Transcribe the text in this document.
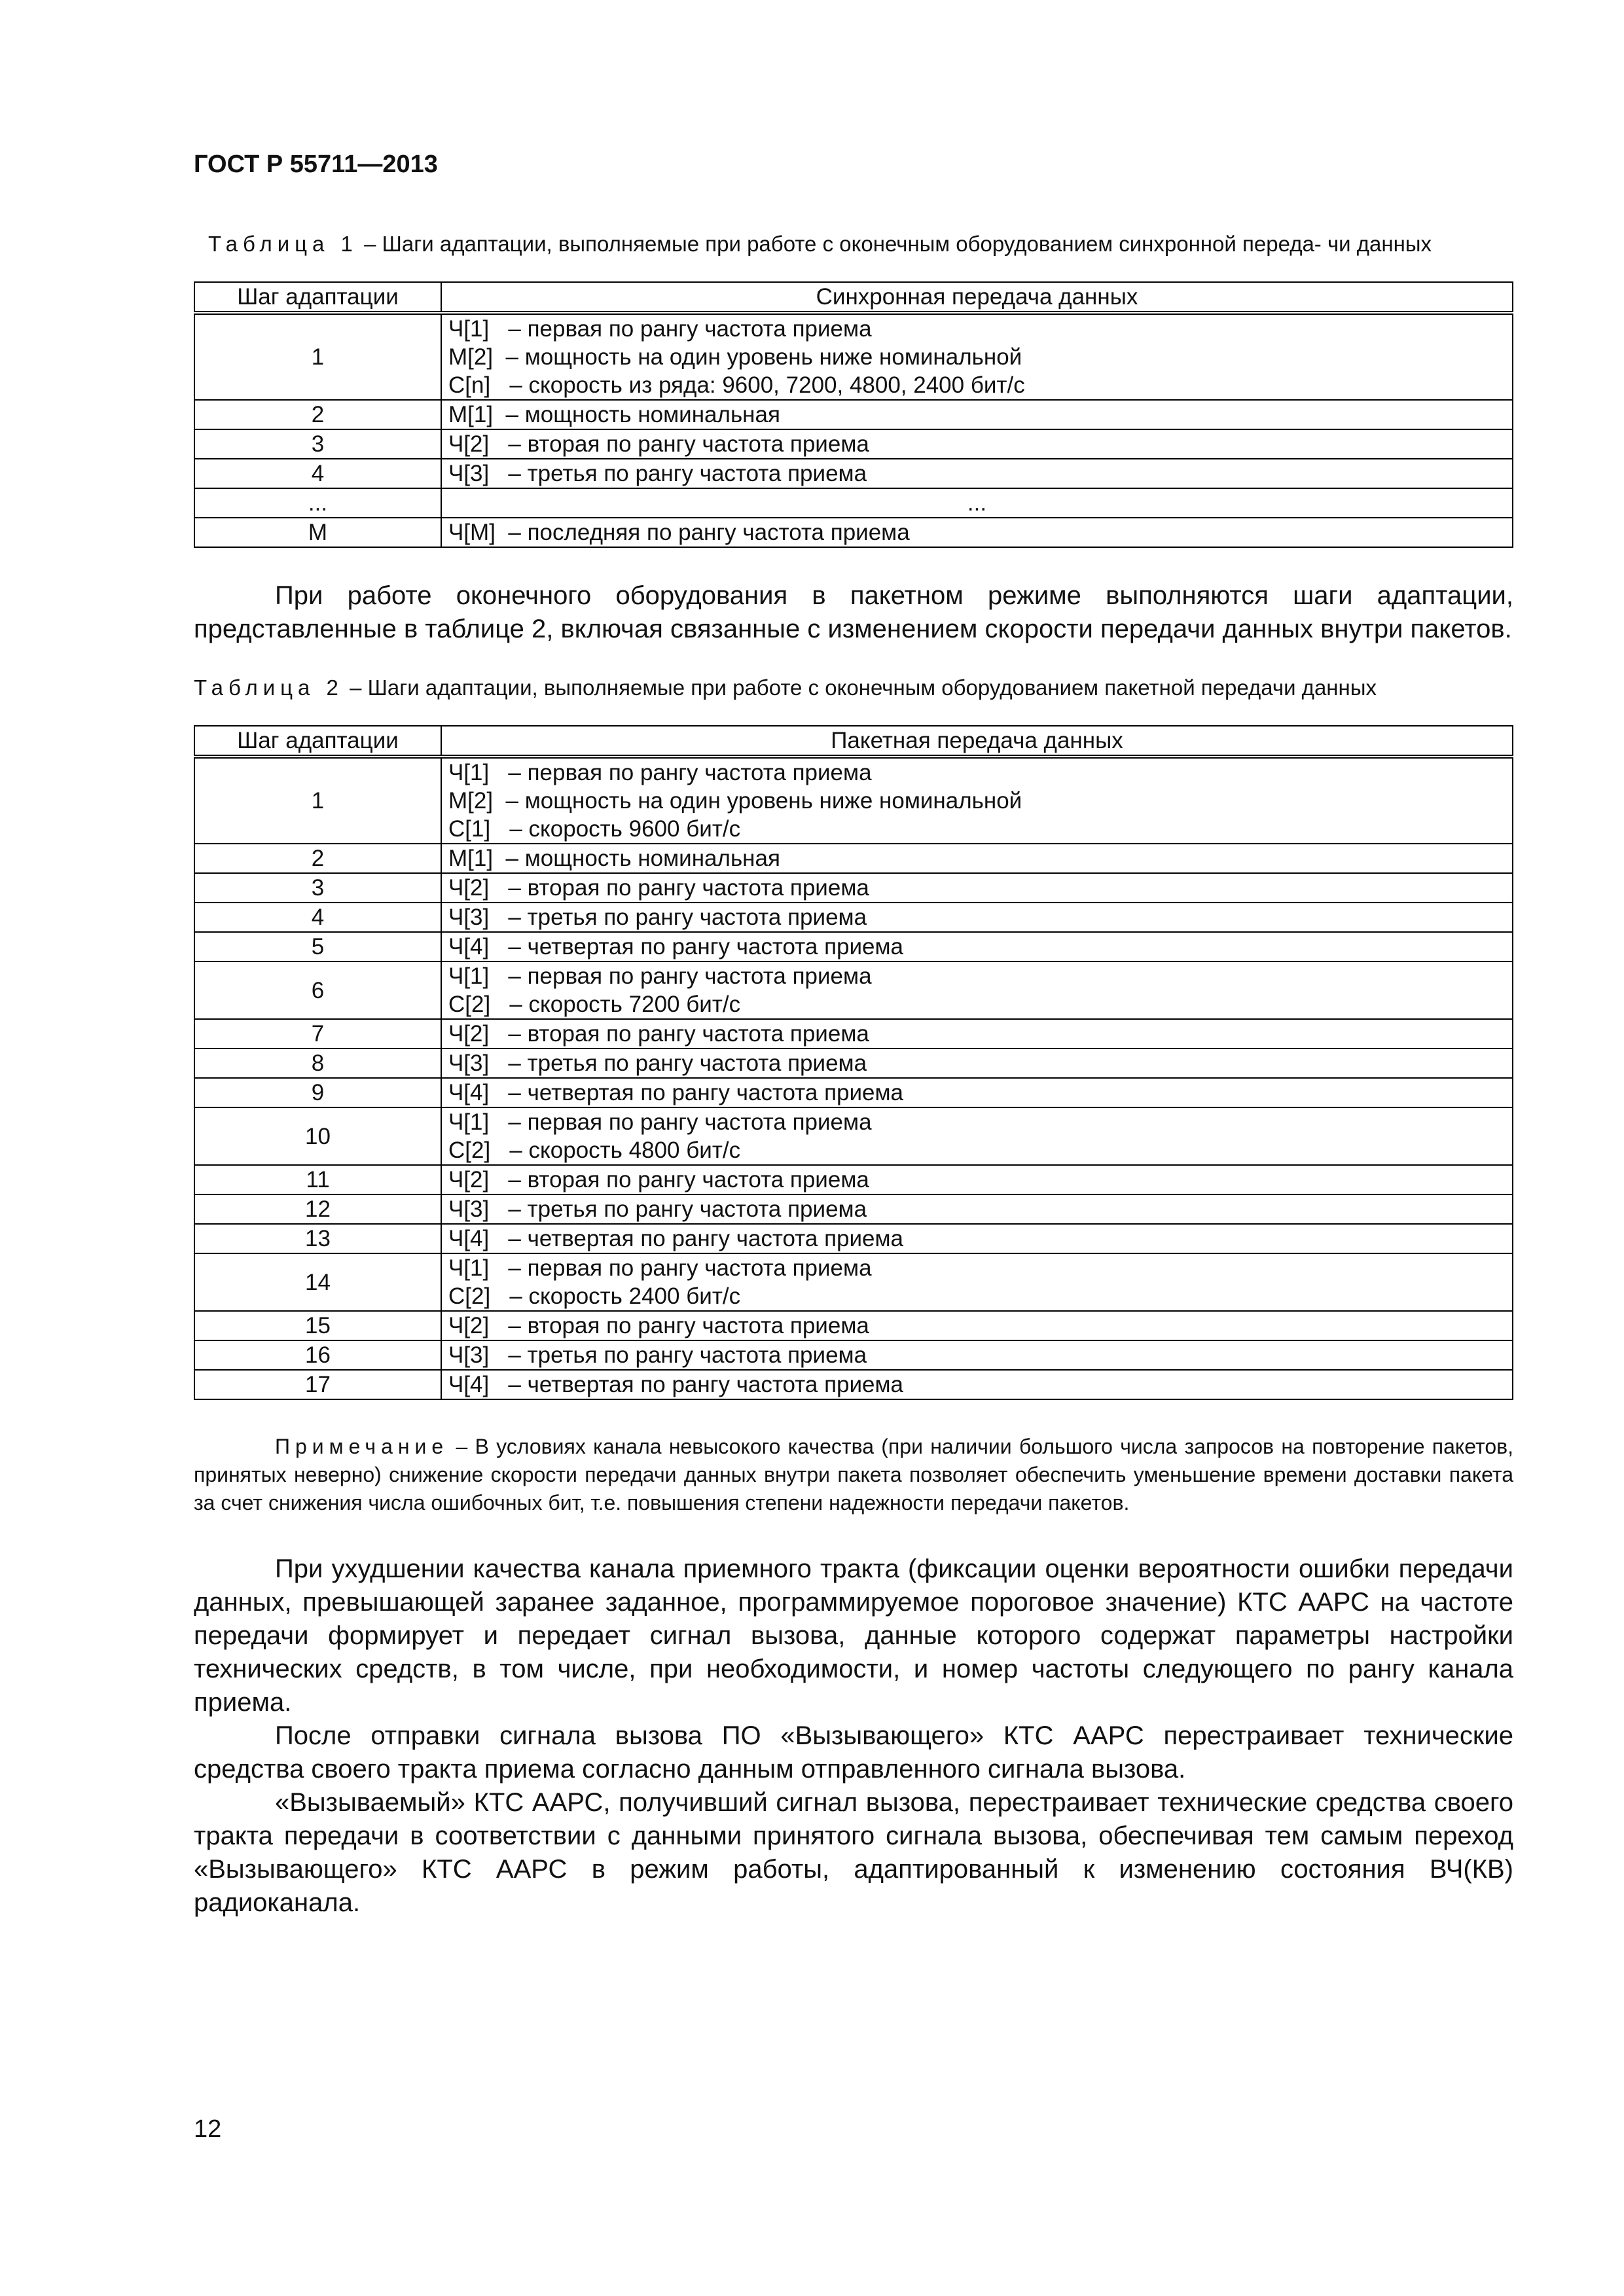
ГОСТ Р 55711—2013
Таблица 1 – Шаги адаптации, выполняемые при работе с оконечным оборудованием синхронной переда- чи данных
Шаг адаптации	Синхронная передача данных
1	Ч[1]   – первая по рангу частота приема
М[2]  – мощность на один уровень ниже номинальной
С[n]   – скорость из ряда: 9600, 7200, 4800, 2400 бит/с

2	М[1]  – мощность номинальная

3	Ч[2]   – вторая по рангу частота приема

4	Ч[3]   – третья по рангу частота приема

...	...

М	Ч[М]  – последняя по рангу частота приема

При работе оконечного оборудования в пакетном режиме выполняются шаги адаптации, представленные в таблице 2, включая связанные с изменением скорости передачи данных внутри пакетов.

Таблица 2 – Шаги адаптации, выполняемые при работе с оконечным оборудованием пакетной передачи данных
Шаг адаптации	Пакетная передача данных
1	Ч[1]   – первая по рангу частота приема
М[2]  – мощность на один уровень ниже номинальной
С[1]   – скорость 9600 бит/с

2	М[1]  – мощность номинальная

3	Ч[2]   – вторая по рангу частота приема

4	Ч[3]   – третья по рангу частота приема

5	Ч[4]   – четвертая по рангу частота приема

6	Ч[1]   – первая по рангу частота приема
С[2]   – скорость 7200 бит/с

7	Ч[2]   – вторая по рангу частота приема

8	Ч[3]   – третья по рангу частота приема

9	Ч[4]   – четвертая по рангу частота приема

10	Ч[1]   – первая по рангу частота приема
С[2]   – скорость 4800 бит/с

11	Ч[2]   – вторая по рангу частота приема

12	Ч[3]   – третья по рангу частота приема

13	Ч[4]   – четвертая по рангу частота приема

14	Ч[1]   – первая по рангу частота приема
С[2]   – скорость 2400 бит/с

15	Ч[2]   – вторая по рангу частота приема

16	Ч[3]   – третья по рангу частота приема

17	Ч[4]   – четвертая по рангу частота приема

Примечание – В условиях канала невысокого качества (при наличии большого числа запросов на повторение пакетов, принятых неверно) снижение скорости передачи данных внутри пакета позволяет обеспечить уменьшение времени доставки пакета за счет снижения числа ошибочных бит, т.е. повышения степени надежности передачи пакетов.

При ухудшении качества канала приемного тракта (фиксации оценки вероятности ошибки передачи данных, превышающей заранее заданное, программируемое пороговое значение) КТС ААРС на частоте передачи формирует и передает сигнал вызова, данные которого содержат параметры настройки технических средств, в том числе, при необходимости, и номер частоты следующего по рангу канала приема.

После отправки сигнала вызова ПО «Вызывающего» КТС ААРС перестраивает технические средства своего тракта приема согласно данным отправленного сигнала вызова.

«Вызываемый» КТС ААРС, получивший сигнал вызова, перестраивает технические средства своего тракта передачи в соответствии с данными принятого сигнала вызова, обеспечивая тем самым переход «Вызывающего» КТС ААРС в режим работы, адаптированный к изменению состояния ВЧ(КВ) радиоканала.

12
